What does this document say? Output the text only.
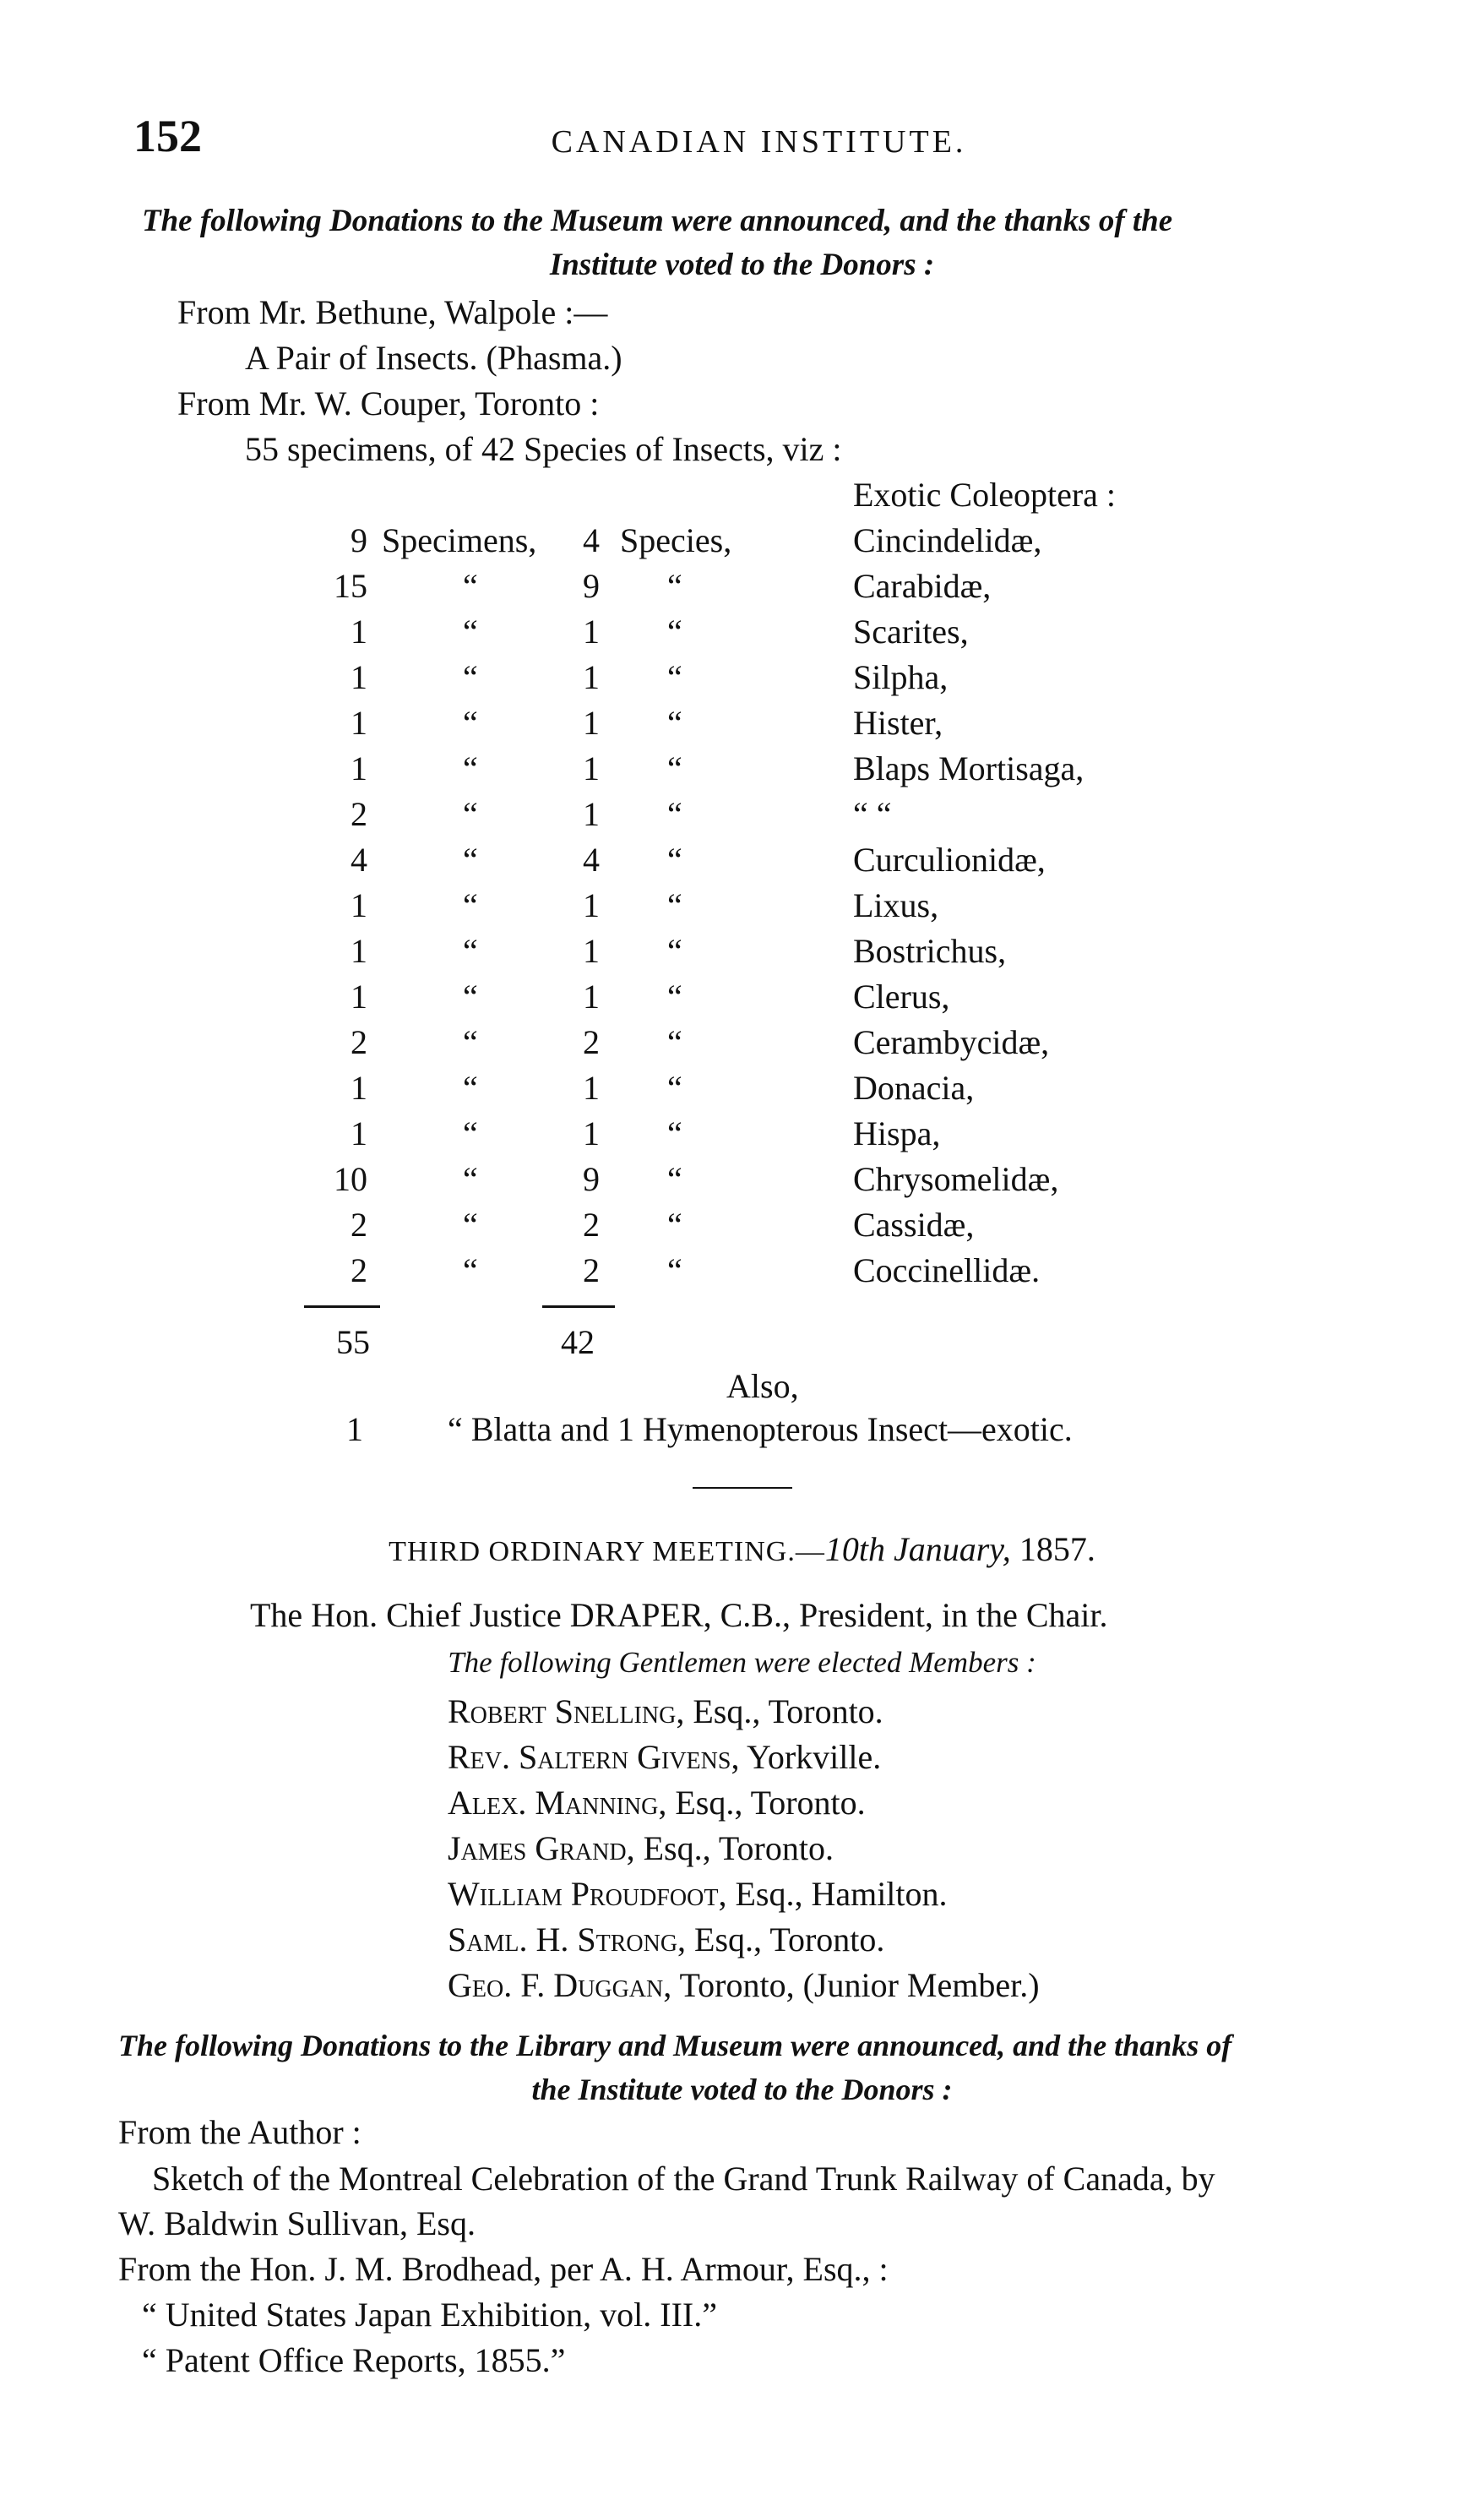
152	CANADIAN INSTITUTE.
The following Donations to the Museum were announced, and the thanks of the
Institute voted to the Donors :
From Mr. Bethune, Walpole :—
A Pair of Insects. (Phasma.)
From Mr. W. Couper, Toronto :
55 specimens, of 42 Species of Insects, viz :
Exotic Coleoptera :
9 Specimens, 4 Species,	Cincindelidæ,
15	“	9 “	Carabidæ,
1	“	1 “	Scarites,
1	“	1 “	Silpha,
1	“	1 “	Hister,
1	“	1 “	Blaps Mortisaga,
2	“	1 “	“ “
4	“	4 “	Curculionidæ,
1	“	1 “	Lixus,
1	“	1 “	Bostrichus,
1	“	1 “	Clerus,
2	“	2 “	Cerambycidæ,
1	“	1 “	Donacia,
1	“	1 “	Hispa,
10	“	9 “	Chrysomelidæ,
2	“	2 “	Cassidæ,
2	“	2 “	Coccinellidæ.
55	42
Also,
1	“ Blatta and 1 Hymenopterous Insect—exotic.
THIRD ORDINARY MEETING.—10th January, 1857.
The Hon. Chief Justice DRAPER, C.B., President, in the Chair.
The following Gentlemen were elected Members :
Robert Snelling, Esq., Toronto.
Rev. Saltern Givens, Yorkville.
Alex. Manning, Esq., Toronto.
James Grand, Esq., Toronto.
William Proudfoot, Esq., Hamilton.
Saml. H. Strong, Esq., Toronto.
Geo. F. Duggan, Toronto, (Junior Member.)
The following Donations to the Library and Museum were announced, and the thanks of
the Institute voted to the Donors :
From the Author :
Sketch of the Montreal Celebration of the Grand Trunk Railway of Canada, by
W. Baldwin Sullivan, Esq.
From the Hon. J. M. Brodhead, per A. H. Armour, Esq., :
“ United States Japan Exhibition, vol. III.”
“ Patent Office Reports, 1855.”
